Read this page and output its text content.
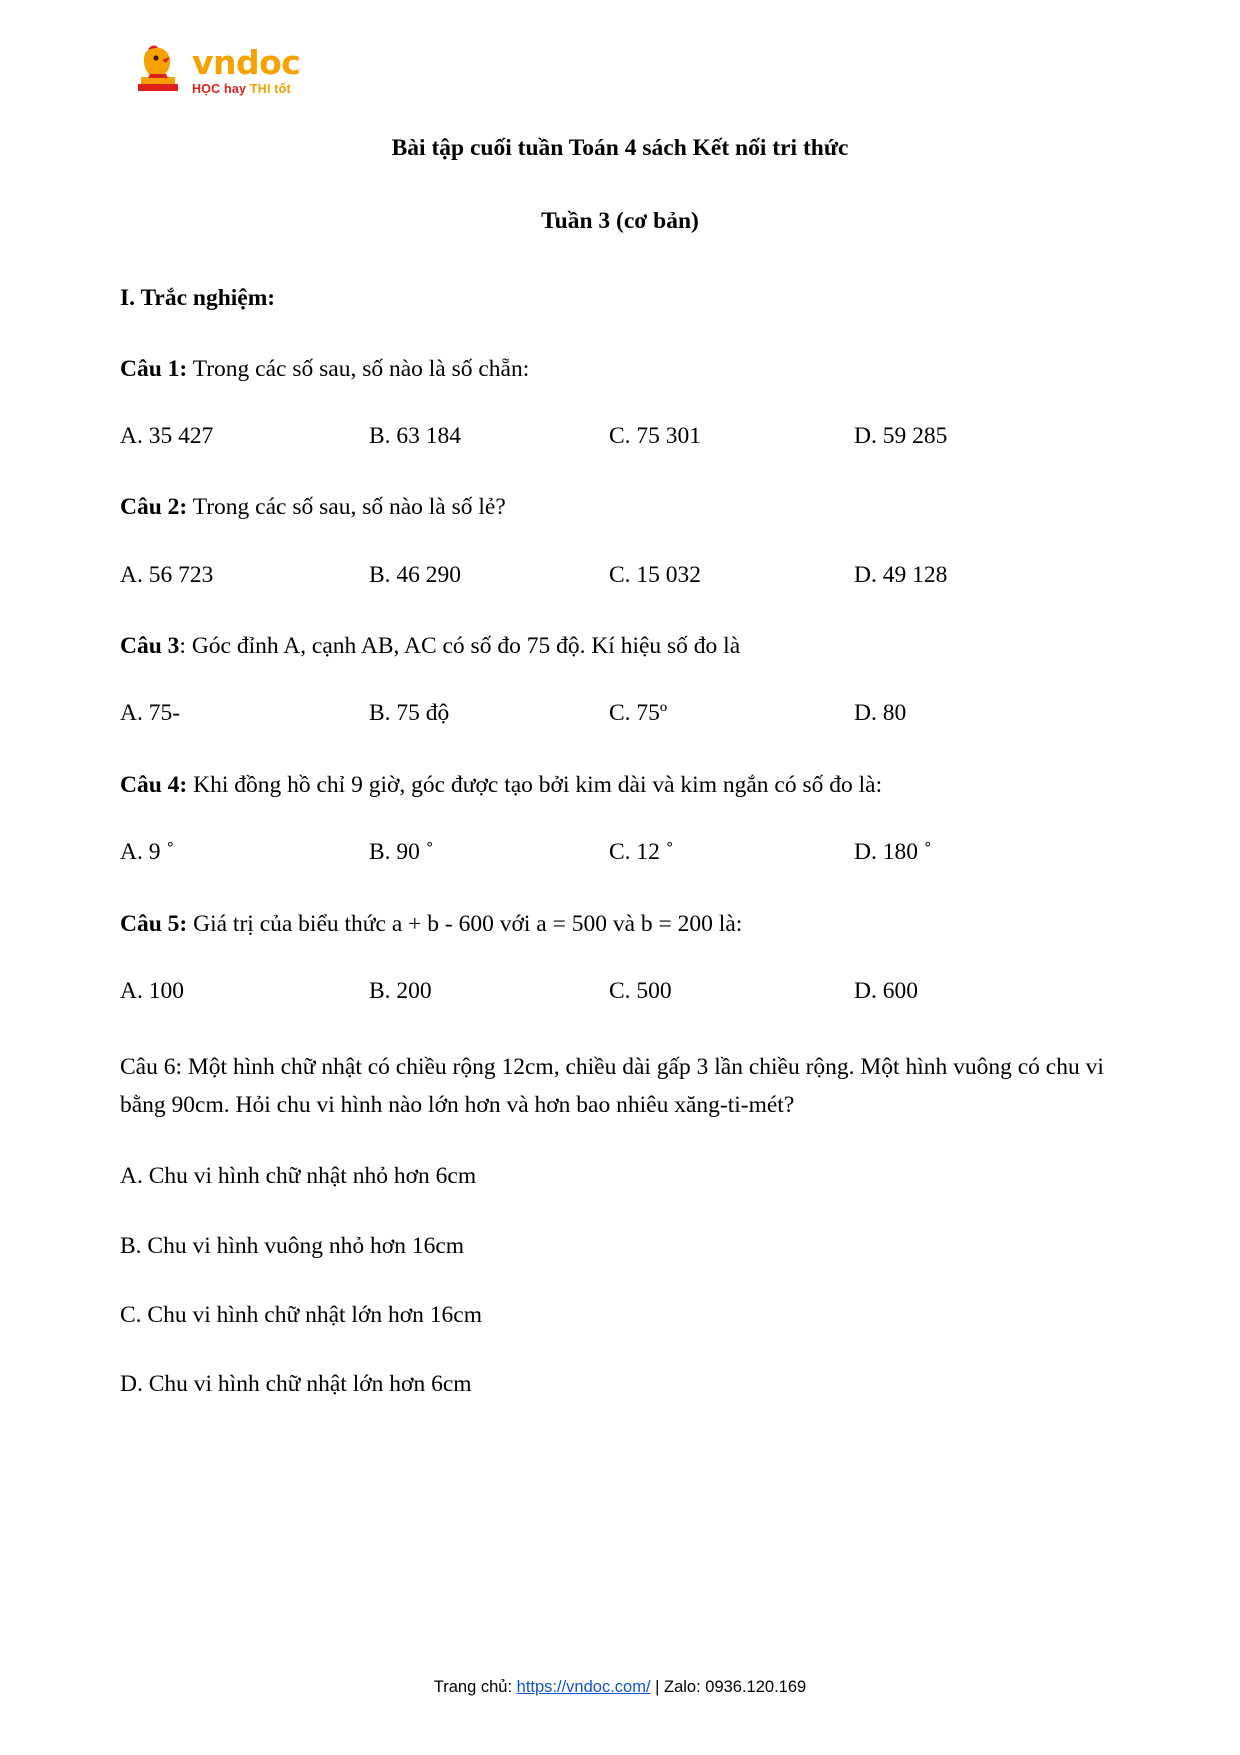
vndoc
HỌC hay THI tốt
Bài tập cuối tuần Toán 4 sách Kết nối tri thức
Tuần 3 (cơ bản)
I. Trắc nghiệm:

Câu 1: Trong các số sau, số nào là số chẵn:

A. 35 427	B. 63 184	C. 75 301	D. 59 285

Câu 2: Trong các số sau, số nào là số lẻ?

A. 56 723	B. 46 290	C. 15 032	D. 49 128

Câu 3: Góc đỉnh A, cạnh AB, AC có số đo 75 độ. Kí hiệu số đo là

A. 75-	B. 75 độ	C. 75º	D. 80

Câu 4: Khi đồng hồ chỉ 9 giờ, góc được tạo bởi kim dài và kim ngắn có số đo là:

A. 9 ˚	B. 90 ˚	C. 12 ˚	D. 180 ˚

Câu 5: Giá trị của biểu thức a + b - 600 với a = 500 và b = 200 là:

A. 100	B. 200	C. 500	D. 600

Câu 6: Một hình chữ nhật có chiều rộng 12cm, chiều dài gấp 3 lần chiều rộng. Một hình vuông có chu vi bằng 90cm. Hỏi chu vi hình nào lớn hơn và hơn bao nhiêu xăng-ti-mét?

A. Chu vi hình chữ nhật nhỏ hơn 6cm

B. Chu vi hình vuông nhỏ hơn 16cm

C. Chu vi hình chữ nhật lớn hơn 16cm

D. Chu vi hình chữ nhật lớn hơn 6cm

Trang chủ: https://vndoc.com/ | Zalo: 0936.120.169
